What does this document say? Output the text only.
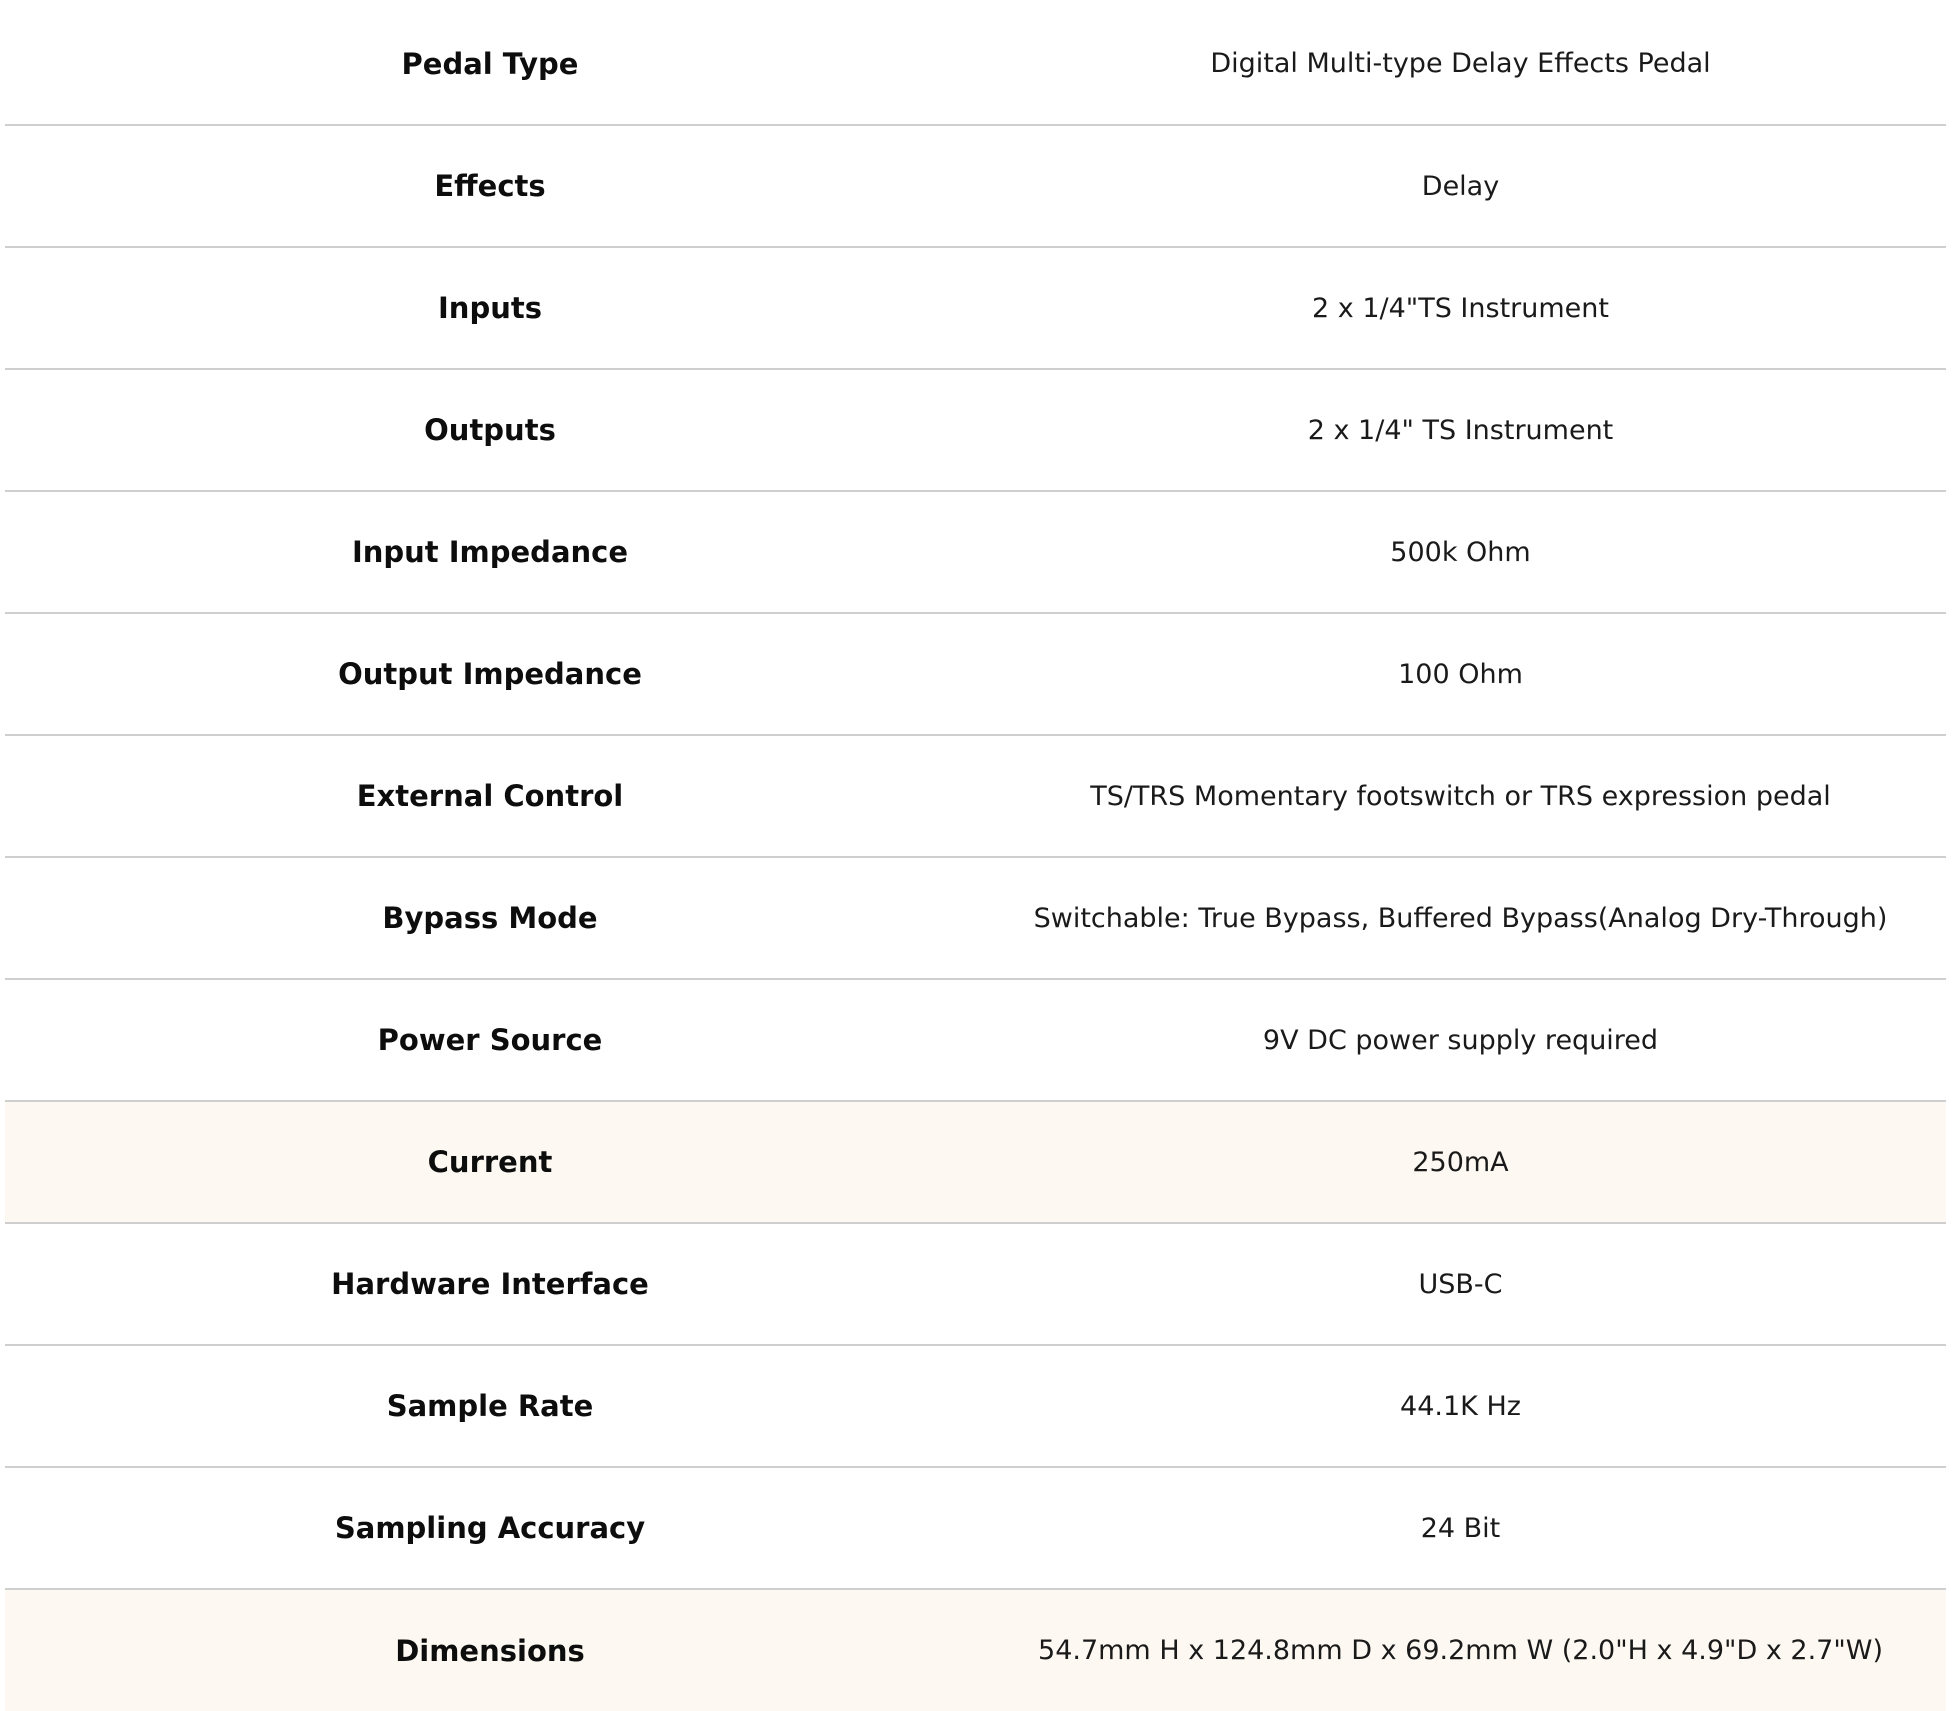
Pedal Type	Digital Multi-type Delay Effects Pedal
Effects	Delay
Inputs	2 x 1/4"TS Instrument
Outputs	2 x 1/4" TS Instrument
Input Impedance	500k Ohm
Output Impedance	100 Ohm
External Control	TS/TRS Momentary footswitch or TRS expression pedal
Bypass Mode	Switchable: True Bypass, Buffered Bypass(Analog Dry-Through)
Power Source	9V DC power supply required
Current	250mA
Hardware Interface	USB-C
Sample Rate	44.1K Hz
Sampling Accuracy	24 Bit
Dimensions	54.7mm H x 124.8mm D x 69.2mm W (2.0"H x 4.9"D x 2.7"W)
